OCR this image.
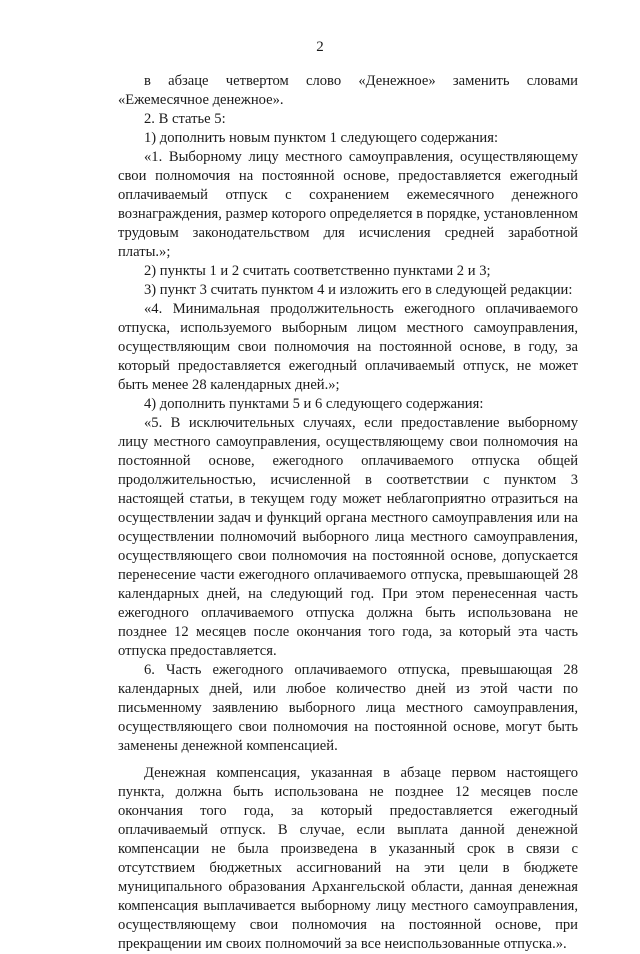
2

в абзаце четвертом слово «Денежное» заменить словами «Ежемесячное денежное».

2. В статье 5:

1) дополнить новым пунктом 1 следующего содержания:

«1. Выборному лицу местного самоуправления, осуществляющему свои полномочия на постоянной основе, предоставляется ежегодный оплачиваемый отпуск с сохранением ежемесячного денежного вознаграждения, размер которого определяется в порядке, установленном трудовым законодательством для исчисления средней заработной платы.»;

2) пункты 1 и 2 считать соответственно пунктами 2 и 3;

3) пункт 3 считать пунктом 4 и изложить его в следующей редакции:

«4. Минимальная продолжительность ежегодного оплачиваемого отпуска, используемого выборным лицом местного самоуправления, осуществляющим свои полномочия на постоянной основе, в году, за который предоставляется ежегодный оплачиваемый отпуск, не может быть менее 28 календарных дней.»;

4) дополнить пунктами 5 и 6 следующего содержания:

«5. В исключительных случаях, если предоставление выборному лицу местного самоуправления, осуществляющему свои полномочия на постоянной основе, ежегодного оплачиваемого отпуска общей продолжительностью, исчисленной в соответствии с пунктом 3 настоящей статьи, в текущем году может неблагоприятно отразиться на осуществлении задач и функций органа местного самоуправления или на осуществлении полномочий выборного лица местного самоуправления, осуществляющего свои полномочия на постоянной основе, допускается перенесение части ежегодного оплачиваемого отпуска, превышающей 28 календарных дней, на следующий год. При этом перенесенная часть ежегодного оплачиваемого отпуска должна быть использована не позднее 12 месяцев после окончания того года, за который эта часть отпуска предоставляется.

6. Часть ежегодного оплачиваемого отпуска, превышающая 28 календарных дней, или любое количество дней из этой части по письменному заявлению выборного лица местного самоуправления, осуществляющего свои полномочия на постоянной основе, могут быть заменены денежной компенсацией.

Денежная компенсация, указанная в абзаце первом настоящего пункта, должна быть использована не позднее 12 месяцев после окончания того года, за который предоставляется ежегодный оплачиваемый отпуск. В случае, если выплата данной денежной компенсации не была произведена в указанный срок в связи с отсутствием бюджетных ассигнований на эти цели в бюджете муниципального образования Архангельской области, данная денежная компенсация выплачивается выборному лицу местного самоуправления, осуществляющему свои полномочия на постоянной основе, при прекращении им своих полномочий за все неиспользованные отпуска.».
